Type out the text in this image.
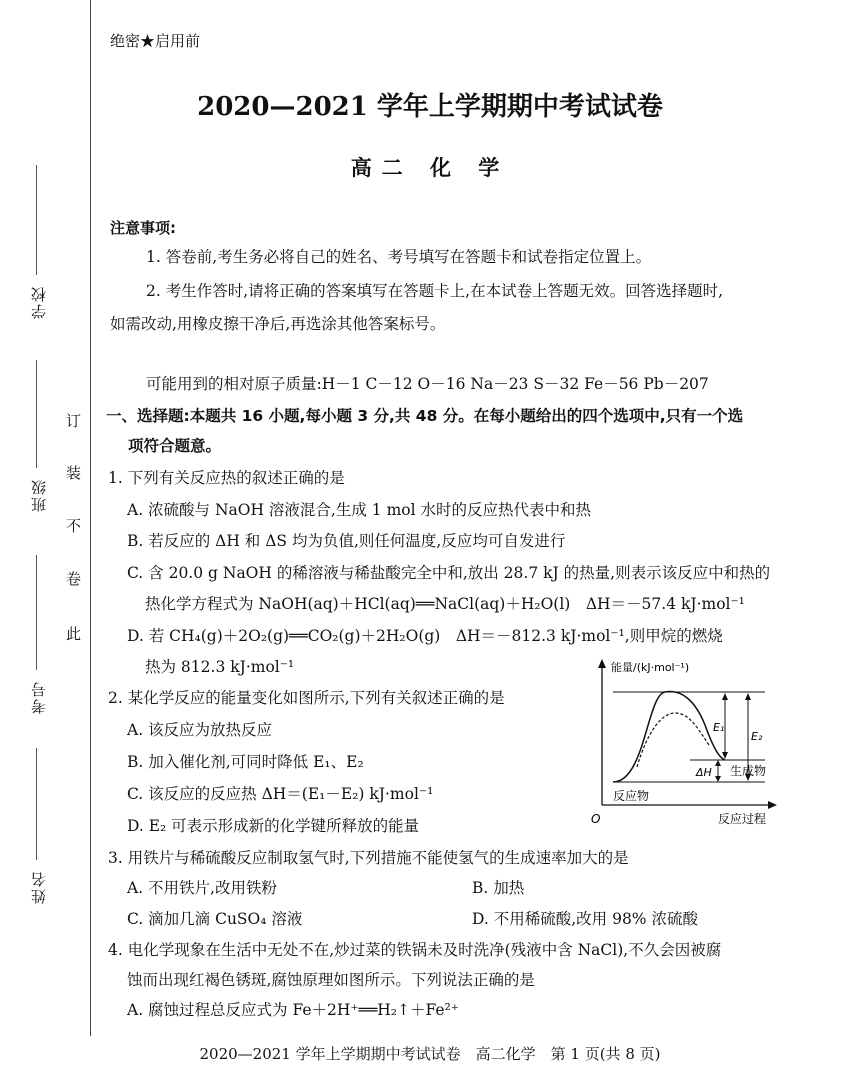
学校
班级
考号
姓名
订
装
不
卷
此
绝密★启用前
2020—2021 学年上学期期中考试试卷
高二 化 学
注意事项:
1. 答卷前,考生务必将自己的姓名、考号填写在答题卡和试卷指定位置上。
2. 考生作答时,请将正确的答案填写在答题卡上,在本试卷上答题无效。回答选择题时,
如需改动,用橡皮擦干净后,再选涂其他答案标号。
可能用到的相对原子质量:H－1 C－12 O－16 Na－23 S－32 Fe－56 Pb－207
一、选择题:本题共 16 小题,每小题 3 分,共 48 分。在每小题给出的四个选项中,只有一个选
项符合题意。
1. 下列有关反应热的叙述正确的是
A. 浓硫酸与 NaOH 溶液混合,生成 1 mol 水时的反应热代表中和热
B. 若反应的 ΔH 和 ΔS 均为负值,则任何温度,反应均可自发进行
C. 含 20.0 g NaOH 的稀溶液与稀盐酸完全中和,放出 28.7 kJ 的热量,则表示该反应中和热的
热化学方程式为 NaOH(aq)＋HCl(aq)══NaCl(aq)＋H₂O(l)　ΔH＝－57.4 kJ·mol⁻¹
D. 若 CH₄(g)＋2O₂(g)══CO₂(g)＋2H₂O(g)　ΔH＝－812.3 kJ·mol⁻¹,则甲烷的燃烧
热为 812.3 kJ·mol⁻¹
2. 某化学反应的能量变化如图所示,下列有关叙述正确的是
A. 该反应为放热反应
B. 加入催化剂,可同时降低 E₁、E₂
C. 该反应的反应热 ΔH＝(E₁－E₂) kJ·mol⁻¹
D. E₂ 可表示形成新的化学键所释放的能量
能量/(kJ·mol⁻¹)
O	反应过程
E₁
E₂
ΔH 生成物
反应物
3. 用铁片与稀硫酸反应制取氢气时,下列措施不能使氢气的生成速率加大的是
A. 不用铁片,改用铁粉	B. 加热
C. 滴加几滴 CuSO₄ 溶液	D. 不用稀硫酸,改用 98% 浓硫酸
4. 电化学现象在生活中无处不在,炒过菜的铁锅未及时洗净(残液中含 NaCl),不久会因被腐
蚀而出现红褐色锈斑,腐蚀原理如图所示。下列说法正确的是
A. 腐蚀过程总反应式为 Fe＋2H⁺══H₂↑＋Fe²⁺
2020—2021 学年上学期期中考试试卷　高二化学　第 1 页(共 8 页)
